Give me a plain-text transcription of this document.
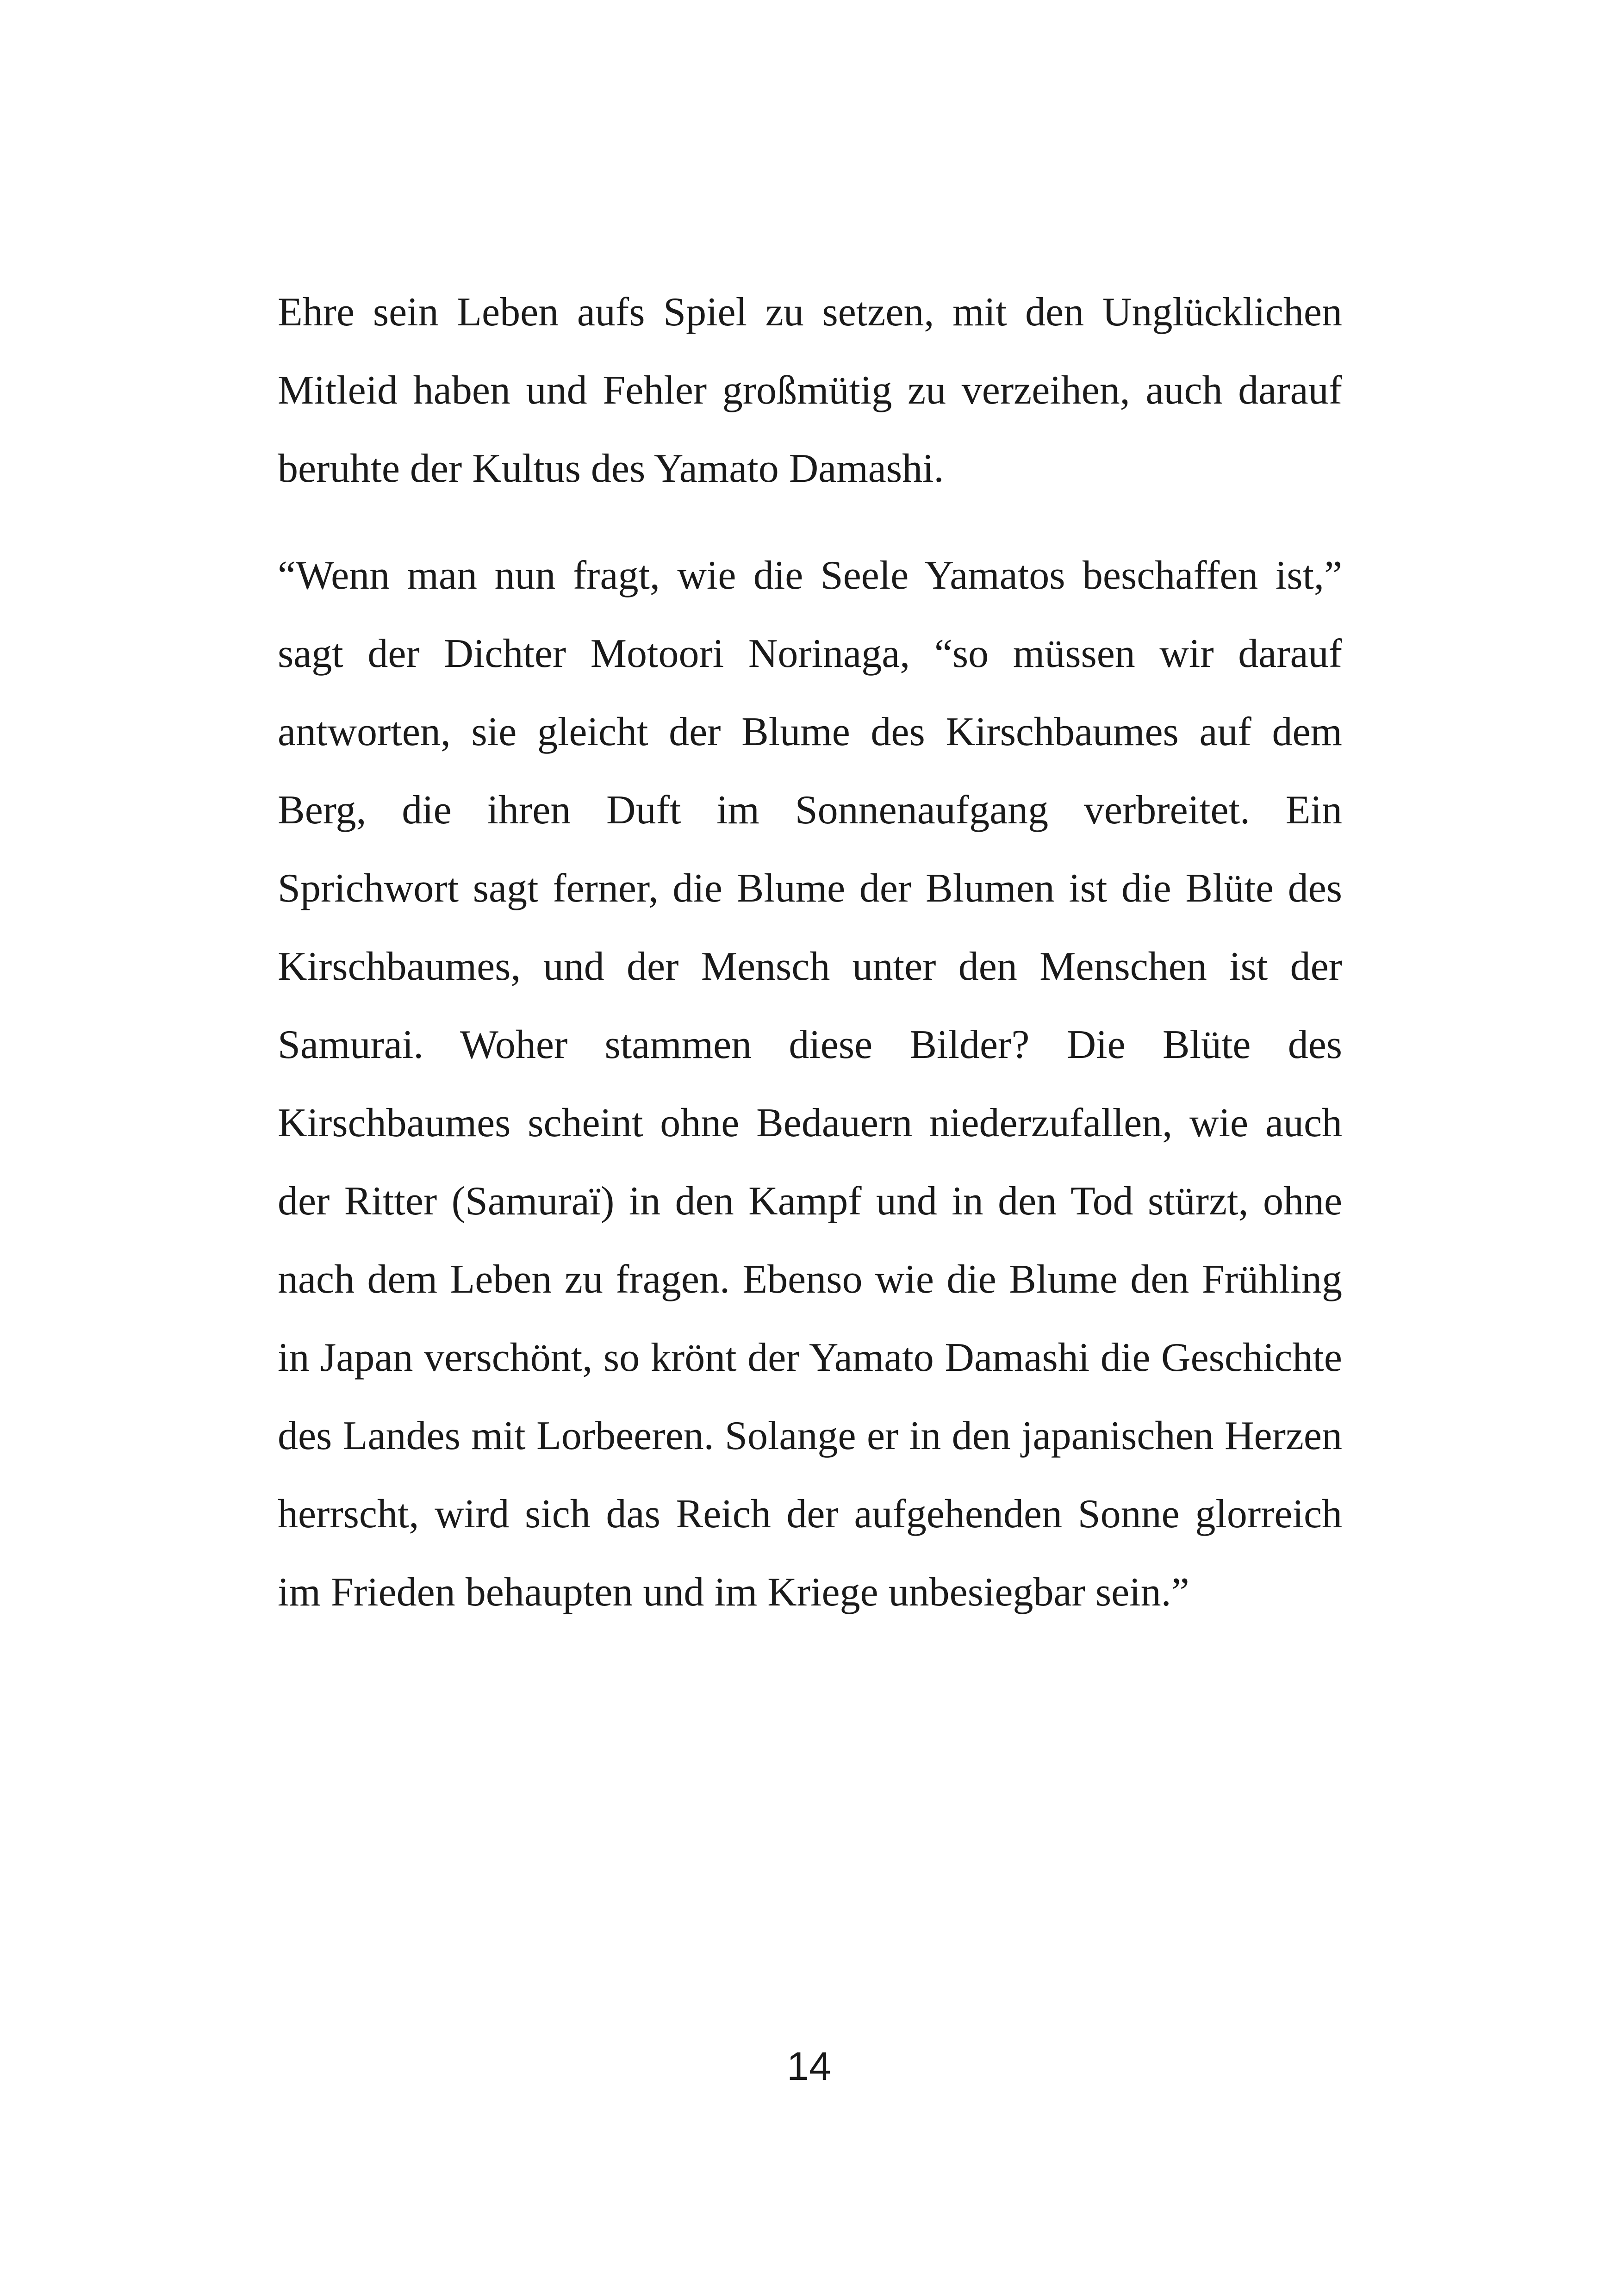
Ehre sein Leben aufs Spiel zu setzen, mit den Unglücklichen Mitleid haben und Fehler großmütig zu verzeihen, auch darauf beruhte der Kultus des Yamato Damashi.

“Wenn man nun fragt, wie die Seele Yamatos beschaffen ist,” sagt der Dichter Motoori Norinaga, “so müssen wir darauf antworten, sie gleicht der Blume des Kirschbaumes auf dem Berg, die ihren Duft im Sonnenaufgang verbreitet. Ein Sprichwort sagt ferner, die Blume der Blumen ist die Blüte des Kirschbaumes, und der Mensch unter den Menschen ist der Samurai. Woher stammen diese Bilder? Die Blüte des Kirschbaumes scheint ohne Bedauern niederzufallen, wie auch der Ritter (Samuraï) in den Kampf und in den Tod stürzt, ohne nach dem Leben zu fragen. Ebenso wie die Blume den Frühling in Japan verschönt, so krönt der Yamato Damashi die Geschichte des Landes mit Lorbeeren. Solange er in den japanischen Herzen herrscht, wird sich das Reich der aufgehenden Sonne glorreich im Frieden behaupten und im Kriege unbesiegbar sein.”

14
